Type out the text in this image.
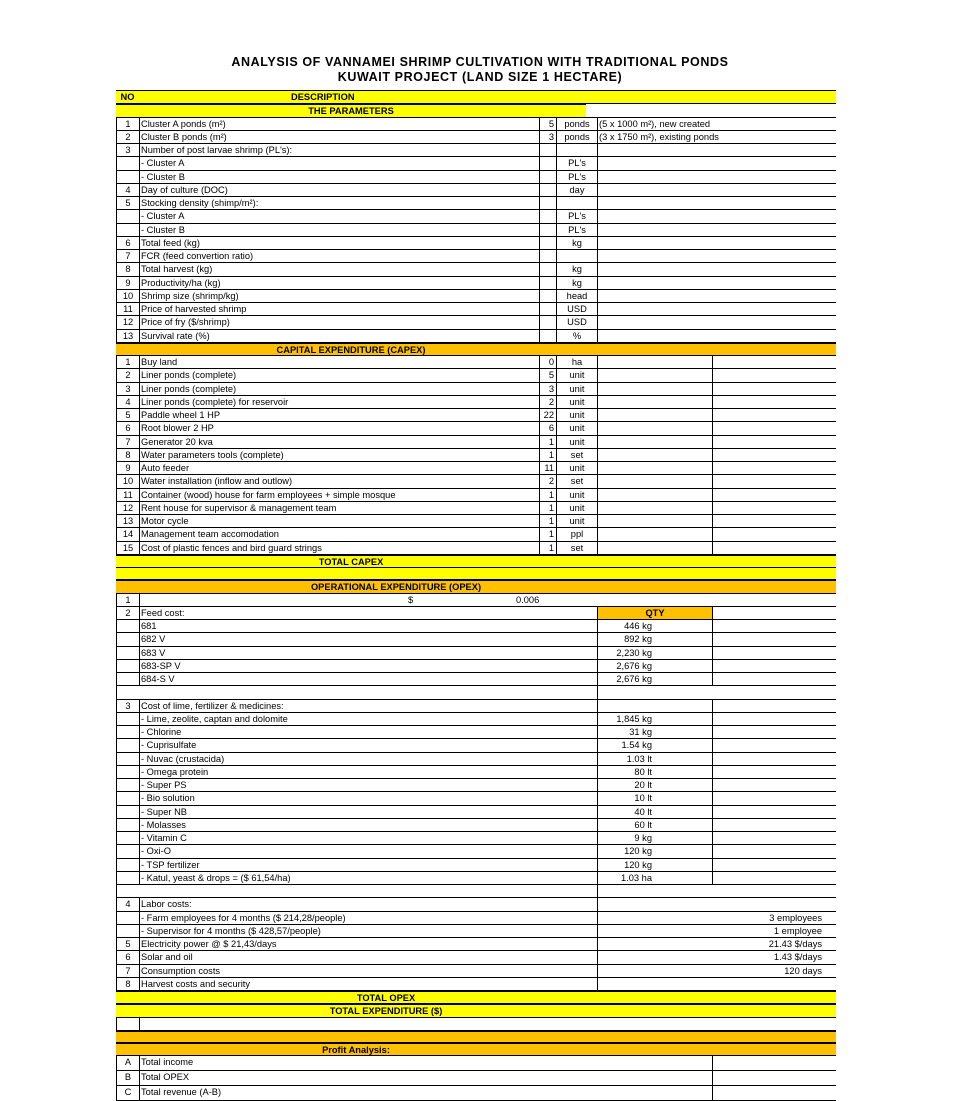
ANALYSIS OF VANNAMEI SHRIMP CULTIVATION WITH TRADITIONAL PONDS
KUWAIT PROJECT (LAND SIZE 1 HECTARE)
NO	DESCRIPTION
THE PARAMETERS
1	Cluster A ponds (m²)	5	ponds	(5 x 1000 m²), new created
2	Cluster B ponds (m²)	3	ponds	(3 x 1750 m²), existing ponds
3	Number of post larvae shrimp (PL's):
- Cluster A	PL's
- Cluster B	PL's
4	Day of culture (DOC)	day
5	Stocking density (shimp/m²):
- Cluster A	PL's
- Cluster B	PL's
6	Total feed (kg)	kg
7	FCR (feed convertion ratio)
8	Total harvest (kg)	kg
9	Productivity/ha (kg)	kg
10 Shrimp size (shrimp/kg)	head
11 Price of harvested shrimp	USD
12 Price of fry ($/shrimp)	USD
13 Survival rate (%)	%
CAPITAL EXPENDITURE (CAPEX)
1	Buy land	0	ha
2	Liner ponds (complete)	5	unit
3	Liner ponds (complete)	3	unit
4	Liner ponds (complete) for reservoir	2	unit
5	Paddle wheel 1 HP	22	unit
6	Root blower 2 HP	6	unit
7	Generator 20 kva	1	unit
8	Water parameters tools (complete)	1	set
9	Auto feeder	11	unit
10 Water installation (inflow and outlow)	2	set
11 Container (wood) house for farm employees + simple mosque	1	unit
12 Rent house for supervisor & management team	1	unit
13 Motor cycle	1	unit
14 Management team accomodation	1	ppl
15 Cost of plastic fences and bird guard strings	1	set
TOTAL CAPEX
OPERATIONAL EXPENDITURE (OPEX)
1	$	0.006
2	Feed cost:	QTY
681	446 kg
682 V	892 kg
683 V	2,230 kg
683-SP V	2,676 kg
684-S V	2,676 kg
3	Cost of lime, fertilizer & medicines:
- Lime, zeolite, captan and dolomite	1,845 kg
- Chlorine	31 kg
- Cuprisulfate	1.54 kg
- Nuvac (crustacida)	1.03 lt
- Omega protein	80 lt
- Super PS	20 lt
- Bio solution	10 lt
- Super NB	40 lt
- Molasses	60 lt
- Vitamin C	9 kg
- Oxi-O	120 kg
- TSP fertilizer	120 kg
- Katul, yeast & drops = ($ 61,54/ha)	1.03 ha
4	Labor costs:
- Farm employees for 4 months ($ 214,28/people)	3 employees
- Supervisor for 4 months ($ 428,57/people)	1 employee
5	Electricity power @ $ 21,43/days	21.43 $/days
6	Solar and oil	1.43 $/days
7	Consumption costs	120 days
8	Harvest costs and security
TOTAL OPEX
TOTAL EXPENDITURE ($)
Profit Analysis:
A	Total income
B	Total OPEX
C	Total revenue (A-B)
